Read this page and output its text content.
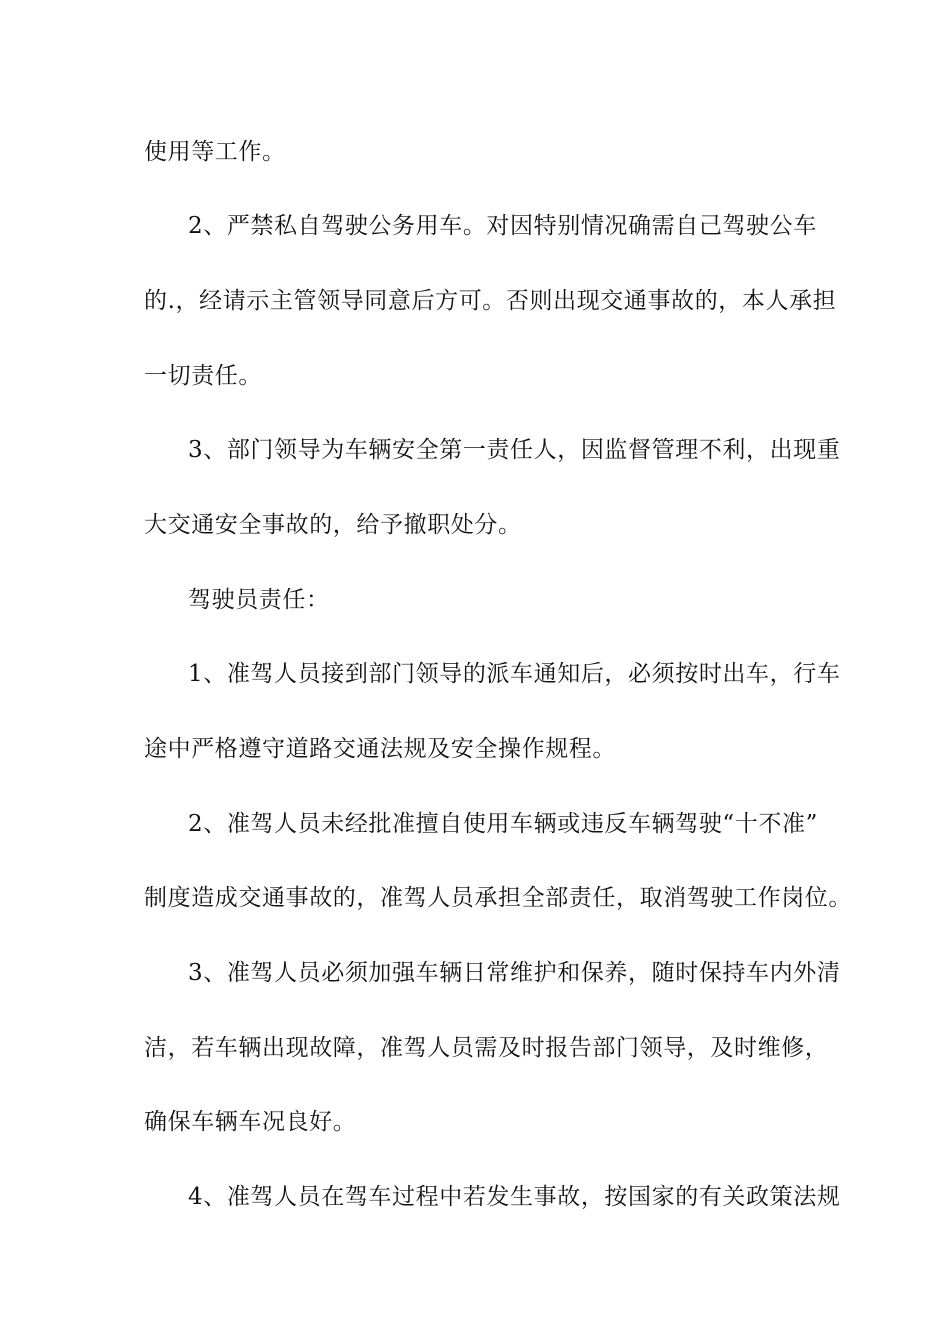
使用等工作。
2、严禁私自驾驶公务用车。对因特别情况确需自己驾驶公车
的.，经请示主管领导同意后方可。否则出现交通事故的，本人承担
一切责任。
3、部门领导为车辆安全第一责任人，因监督管理不利，出现重
大交通安全事故的，给予撤职处分。
驾驶员责任：
1、准驾人员接到部门领导的派车通知后，必须按时出车，行车
途中严格遵守道路交通法规及安全操作规程。
2、准驾人员未经批准擅自使用车辆或违反车辆驾驶“十不准”
制度造成交通事故的，准驾人员承担全部责任，取消驾驶工作岗位。
3、准驾人员必须加强车辆日常维护和保养，随时保持车内外清
洁，若车辆出现故障，准驾人员需及时报告部门领导，及时维修，
确保车辆车况良好。
4、准驾人员在驾车过程中若发生事故，按国家的有关政策法规
